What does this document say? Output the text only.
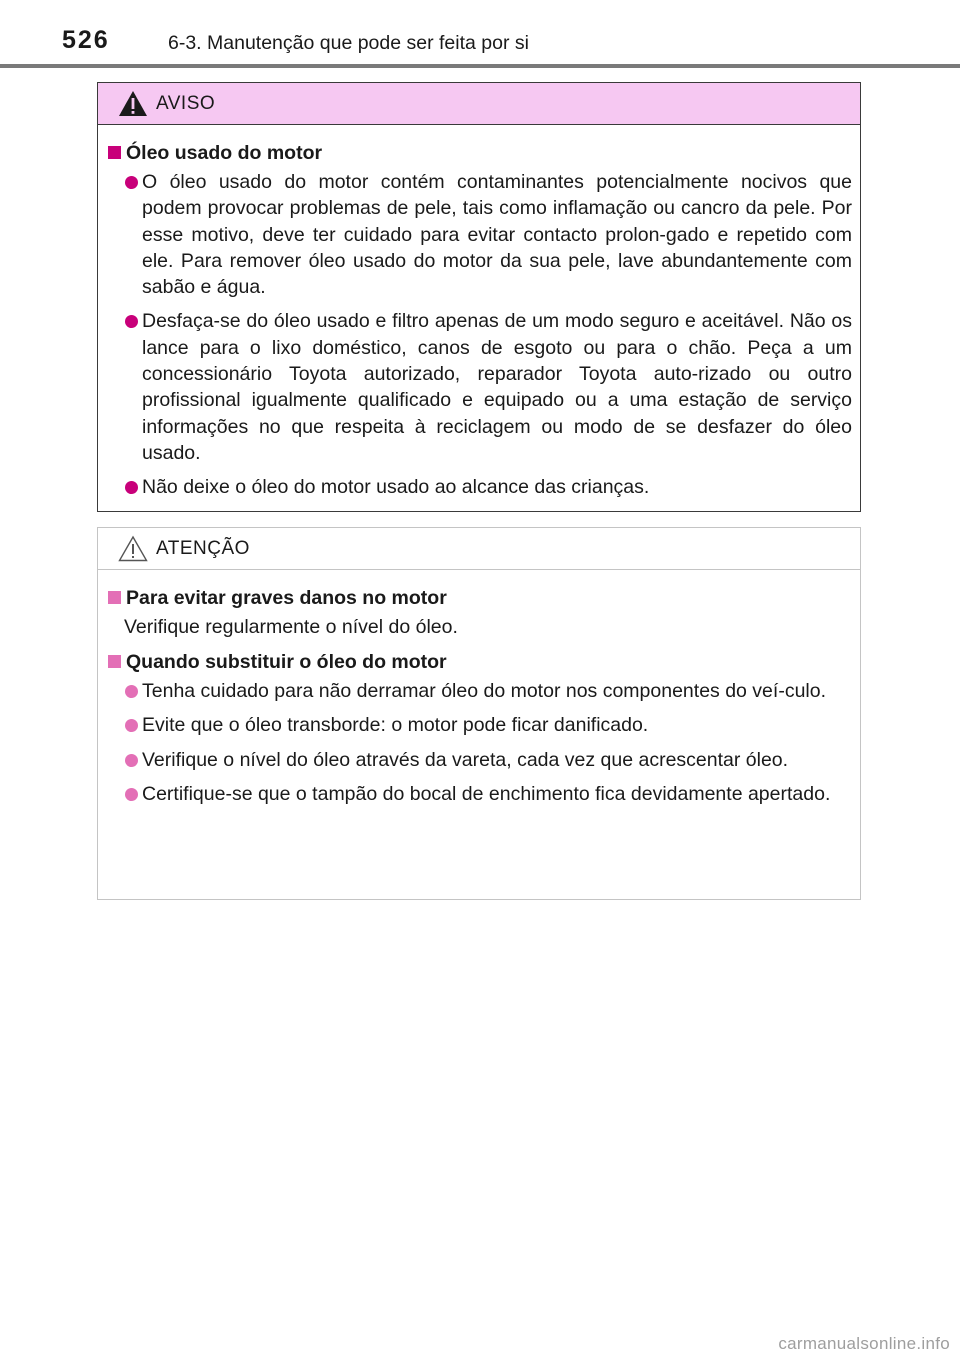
526	6-3. Manutenção que pode ser feita por si
AVISO
Óleo usado do motor
O óleo usado do motor contém contaminantes potencialmente nocivos que podem provocar problemas de pele, tais como inflamação ou cancro da pele. Por esse motivo, deve ter cuidado para evitar contacto prolon-gado e repetido com ele. Para remover óleo usado do motor da sua pele, lave abundantemente com sabão e água.
Desfaça-se do óleo usado e filtro apenas de um modo seguro e aceitável. Não os lance para o lixo doméstico, canos de esgoto ou para o chão. Peça a um concessionário Toyota autorizado, reparador Toyota auto-rizado ou outro profissional igualmente qualificado e equipado ou a uma estação de serviço informações no que respeita à reciclagem ou modo de se desfazer do óleo usado.
Não deixe o óleo do motor usado ao alcance das crianças.
ATENÇÃO
Para evitar graves danos no motor
Verifique regularmente o nível do óleo.
Quando substituir o óleo do motor
Tenha cuidado para não derramar óleo do motor nos componentes do veí-culo.
Evite que o óleo transborde: o motor pode ficar danificado.
Verifique o nível do óleo através da vareta, cada vez que acrescentar óleo.
Certifique-se que o tampão do bocal de enchimento fica devidamente apertado.
carmanualsonline.info
